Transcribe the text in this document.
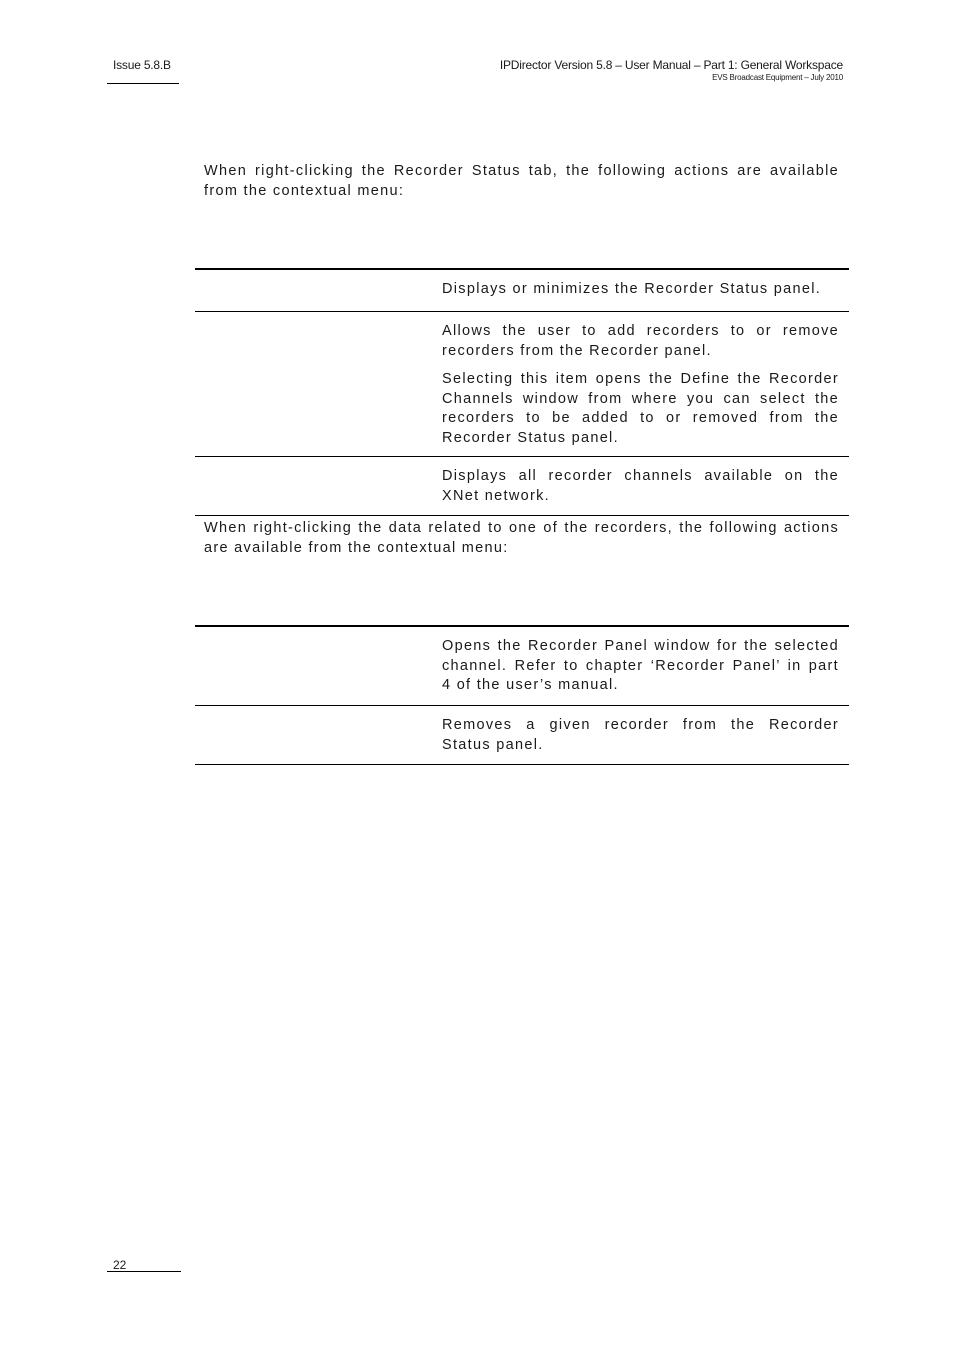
Issue 5.8.B	IPDirector Version 5.8 – User Manual – Part 1: General Workspace
EVS Broadcast Equipment – July 2010
When right-clicking the Recorder Status tab, the following actions are available from the contextual menu:

Displays or minimizes the Recorder Status panel.

Allows the user to add recorders to or remove recorders from the Recorder panel.

Selecting this item opens the Define the Recorder Channels window from where you can select the recorders to be added to or removed from the Recorder Status panel.

Displays all recorder channels available on the XNet network.

When right-clicking the data related to one of the recorders, the following actions are available from the contextual menu:

Opens the Recorder Panel window for the selected channel. Refer to chapter ‘Recorder Panel’ in part 4 of the user’s manual.

Removes a given recorder from the Recorder Status panel.

22
